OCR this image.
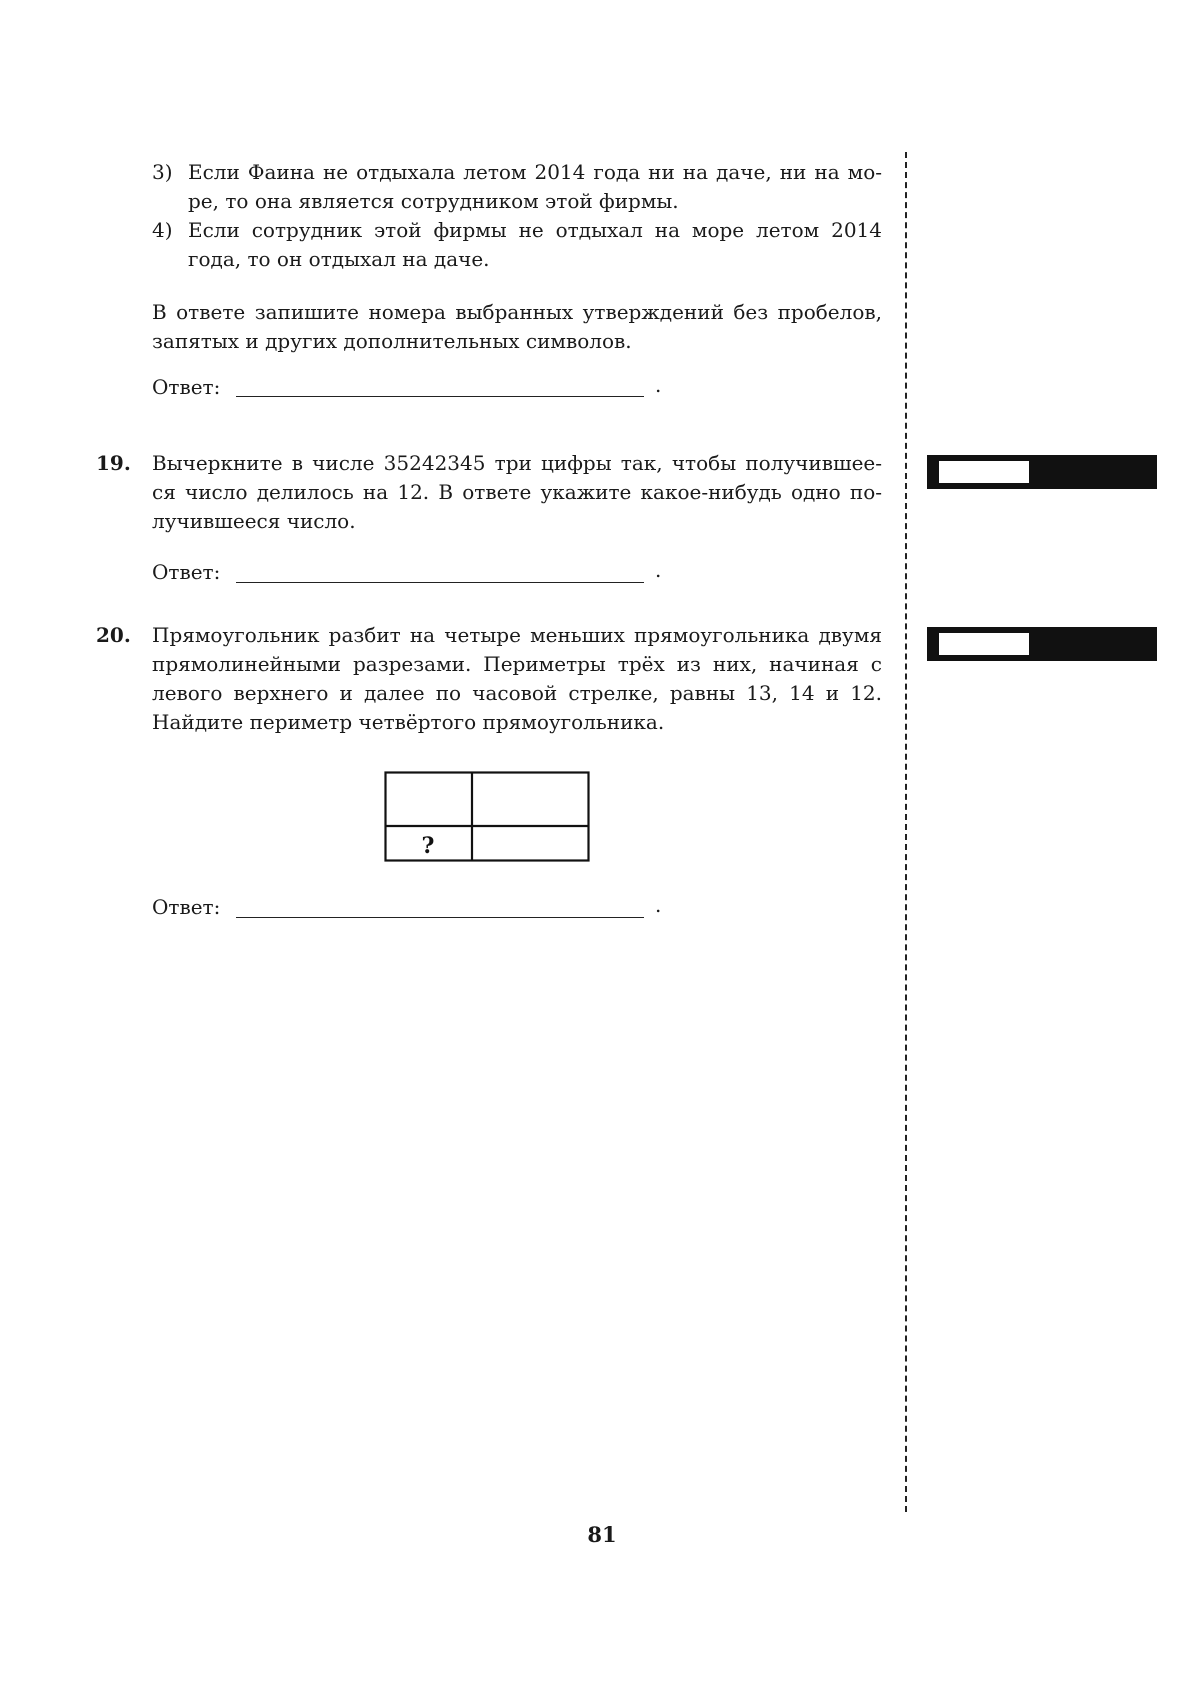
3) Если Фаина не отдыхала летом 2014 года ни на даче, ни на мо-
ре, то она является сотрудником этой фирмы.
4) Если сотрудник этой фирмы не отдыхал на море летом 2014
года, то он отдыхал на даче.
В ответе запишите номера выбранных утверждений без пробелов,
запятых и других дополнительных символов.
Ответ:	.
19. Вычеркните в числе 35242345 три цифры так, чтобы получившее-
ся число делилось на 12. В ответе укажите какое-нибудь одно по-
лучившееся число.
Ответ:	.
20. Прямоугольник разбит на четыре меньших прямоугольника двумя
прямолинейными разрезами. Периметры трёх из них, начиная с
левого верхнего и далее по часовой стрелке, равны 13, 14 и 12.
Найдите периметр четвёртого прямоугольника.
?
Ответ:	.
81
